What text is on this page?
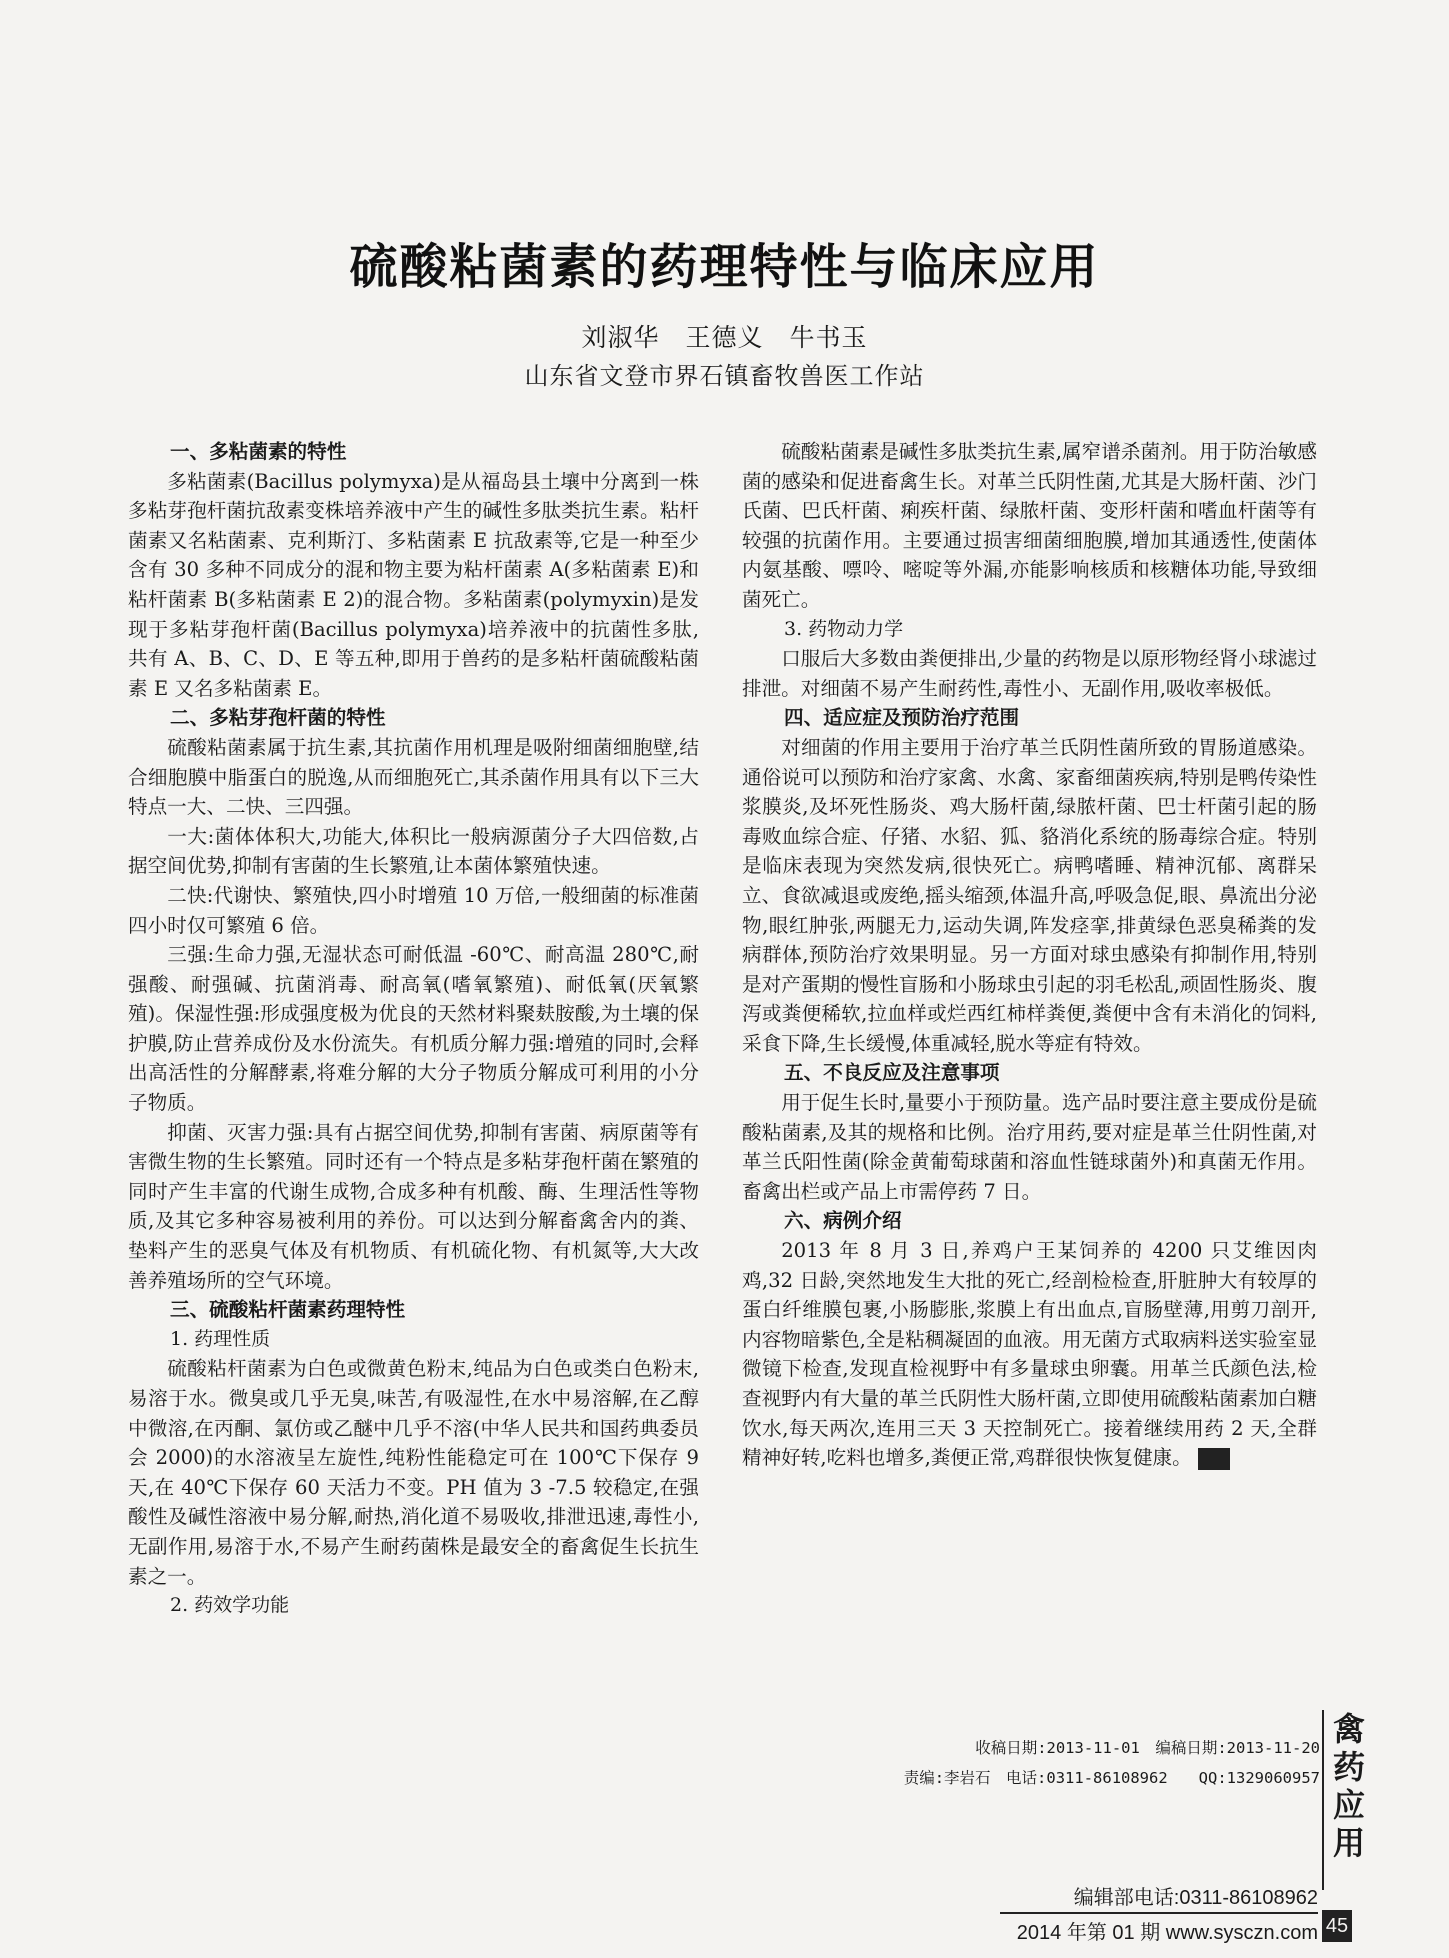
硫酸粘菌素的药理特性与临床应用
刘淑华　王德义　牛书玉
山东省文登市界石镇畜牧兽医工作站
一、多粘菌素的特性

多粘菌素(Bacillus polymyxa)是从福岛县土壤中分离到一株多粘芽孢杆菌抗敌素变株培养液中产生的碱性多肽类抗生素。粘杆菌素又名粘菌素、克利斯汀、多粘菌素 E 抗敌素等,它是一种至少含有 30 多种不同成分的混和物主要为粘杆菌素 A(多粘菌素 E)和粘杆菌素 B(多粘菌素 E 2)的混合物。多粘菌素(polymyxin)是发现于多粘芽孢杆菌(Bacillus polymyxa)培养液中的抗菌性多肽,共有 A、B、C、D、E 等五种,即用于兽药的是多粘杆菌硫酸粘菌素 E 又名多粘菌素 E。

二、多粘芽孢杆菌的特性

硫酸粘菌素属于抗生素,其抗菌作用机理是吸附细菌细胞壁,结合细胞膜中脂蛋白的脱逸,从而细胞死亡,其杀菌作用具有以下三大特点一大、二快、三四强。

一大:菌体体积大,功能大,体积比一般病源菌分子大四倍数,占据空间优势,抑制有害菌的生长繁殖,让本菌体繁殖快速。

二快:代谢快、繁殖快,四小时增殖 10 万倍,一般细菌的标准菌四小时仅可繁殖 6 倍。

三强:生命力强,无湿状态可耐低温 -60℃、耐高温 280℃,耐强酸、耐强碱、抗菌消毒、耐高氧(嗜氧繁殖)、耐低氧(厌氧繁殖)。保湿性强:形成强度极为优良的天然材料聚麸胺酸,为土壤的保护膜,防止营养成份及水份流失。有机质分解力强:增殖的同时,会释出高活性的分解酵素,将难分解的大分子物质分解成可利用的小分子物质。

抑菌、灭害力强:具有占据空间优势,抑制有害菌、病原菌等有害微生物的生长繁殖。同时还有一个特点是多粘芽孢杆菌在繁殖的同时产生丰富的代谢生成物,合成多种有机酸、酶、生理活性等物质,及其它多种容易被利用的养份。可以达到分解畜禽舍内的粪、垫料产生的恶臭气体及有机物质、有机硫化物、有机氮等,大大改善养殖场所的空气环境。

三、硫酸粘杆菌素药理特性
1. 药理性质

硫酸粘杆菌素为白色或微黄色粉末,纯品为白色或类白色粉末,易溶于水。微臭或几乎无臭,味苦,有吸湿性,在水中易溶解,在乙醇中微溶,在丙酮、氯仿或乙醚中几乎不溶(中华人民共和国药典委员会 2000)的水溶液呈左旋性,纯粉性能稳定可在 100℃下保存 9 天,在 40℃下保存 60 天活力不变。PH 值为 3 -7.5 较稳定,在强酸性及碱性溶液中易分解,耐热,消化道不易吸收,排泄迅速,毒性小,无副作用,易溶于水,不易产生耐药菌株是最安全的畜禽促生长抗生素之一。

2. 药效学功能

硫酸粘菌素是碱性多肽类抗生素,属窄谱杀菌剂。用于防治敏感菌的感染和促进畜禽生长。对革兰氏阴性菌,尤其是大肠杆菌、沙门氏菌、巴氏杆菌、痢疾杆菌、绿脓杆菌、变形杆菌和嗜血杆菌等有较强的抗菌作用。主要通过损害细菌细胞膜,增加其通透性,使菌体内氨基酸、嘌呤、嘧啶等外漏,亦能影响核质和核糖体功能,导致细菌死亡。

3. 药物动力学

口服后大多数由粪便排出,少量的药物是以原形物经肾小球滤过排泄。对细菌不易产生耐药性,毒性小、无副作用,吸收率极低。

四、适应症及预防治疗范围

对细菌的作用主要用于治疗革兰氏阴性菌所致的胃肠道感染。通俗说可以预防和治疗家禽、水禽、家畜细菌疾病,特别是鸭传染性浆膜炎,及坏死性肠炎、鸡大肠杆菌,绿脓杆菌、巴士杆菌引起的肠毒败血综合症、仔猪、水貂、狐、貉消化系统的肠毒综合症。特别是临床表现为突然发病,很快死亡。病鸭嗜睡、精神沉郁、离群呆立、食欲减退或废绝,摇头缩颈,体温升高,呼吸急促,眼、鼻流出分泌物,眼红肿张,两腿无力,运动失调,阵发痉挛,排黄绿色恶臭稀粪的发病群体,预防治疗效果明显。另一方面对球虫感染有抑制作用,特别是对产蛋期的慢性盲肠和小肠球虫引起的羽毛松乱,顽固性肠炎、腹泻或粪便稀软,拉血样或烂西红柿样粪便,粪便中含有未消化的饲料,采食下降,生长缓慢,体重减轻,脱水等症有特效。

五、不良反应及注意事项

用于促生长时,量要小于预防量。选产品时要注意主要成份是硫酸粘菌素,及其的规格和比例。治疗用药,要对症是革兰仕阴性菌,对革兰氏阳性菌(除金黄葡萄球菌和溶血性链球菌外)和真菌无作用。畜禽出栏或产品上市需停药 7 日。

六、病例介绍

2013 年 8 月 3 日,养鸡户王某饲养的 4200 只艾维因肉鸡,32 日龄,突然地发生大批的死亡,经剖检检查,肝脏肿大有较厚的蛋白纤维膜包裹,小肠膨胀,浆膜上有出血点,盲肠壁薄,用剪刀剖开,内容物暗紫色,全是粘稠凝固的血液。用无菌方式取病料送实验室显微镜下检查,发现直检视野中有多量球虫卵囊。用革兰氏颜色法,检查视野内有大量的革兰氏阴性大肠杆菌,立即使用硫酸粘菌素加白糖饮水,每天两次,连用三天 3 天控制死亡。接着继续用药 2 天,全群精神好转,吃料也增多,粪便正常,鸡群很快恢复健康。	▣

收稿日期:2013-11-01　编稿日期:2013-11-20
责编:李岩石　电话:0311-86108962　　QQ:1329060957
禽
药
应
用
编辑部电话:0311-86108962
2014 年第 01 期 www.sysczn.com 45
